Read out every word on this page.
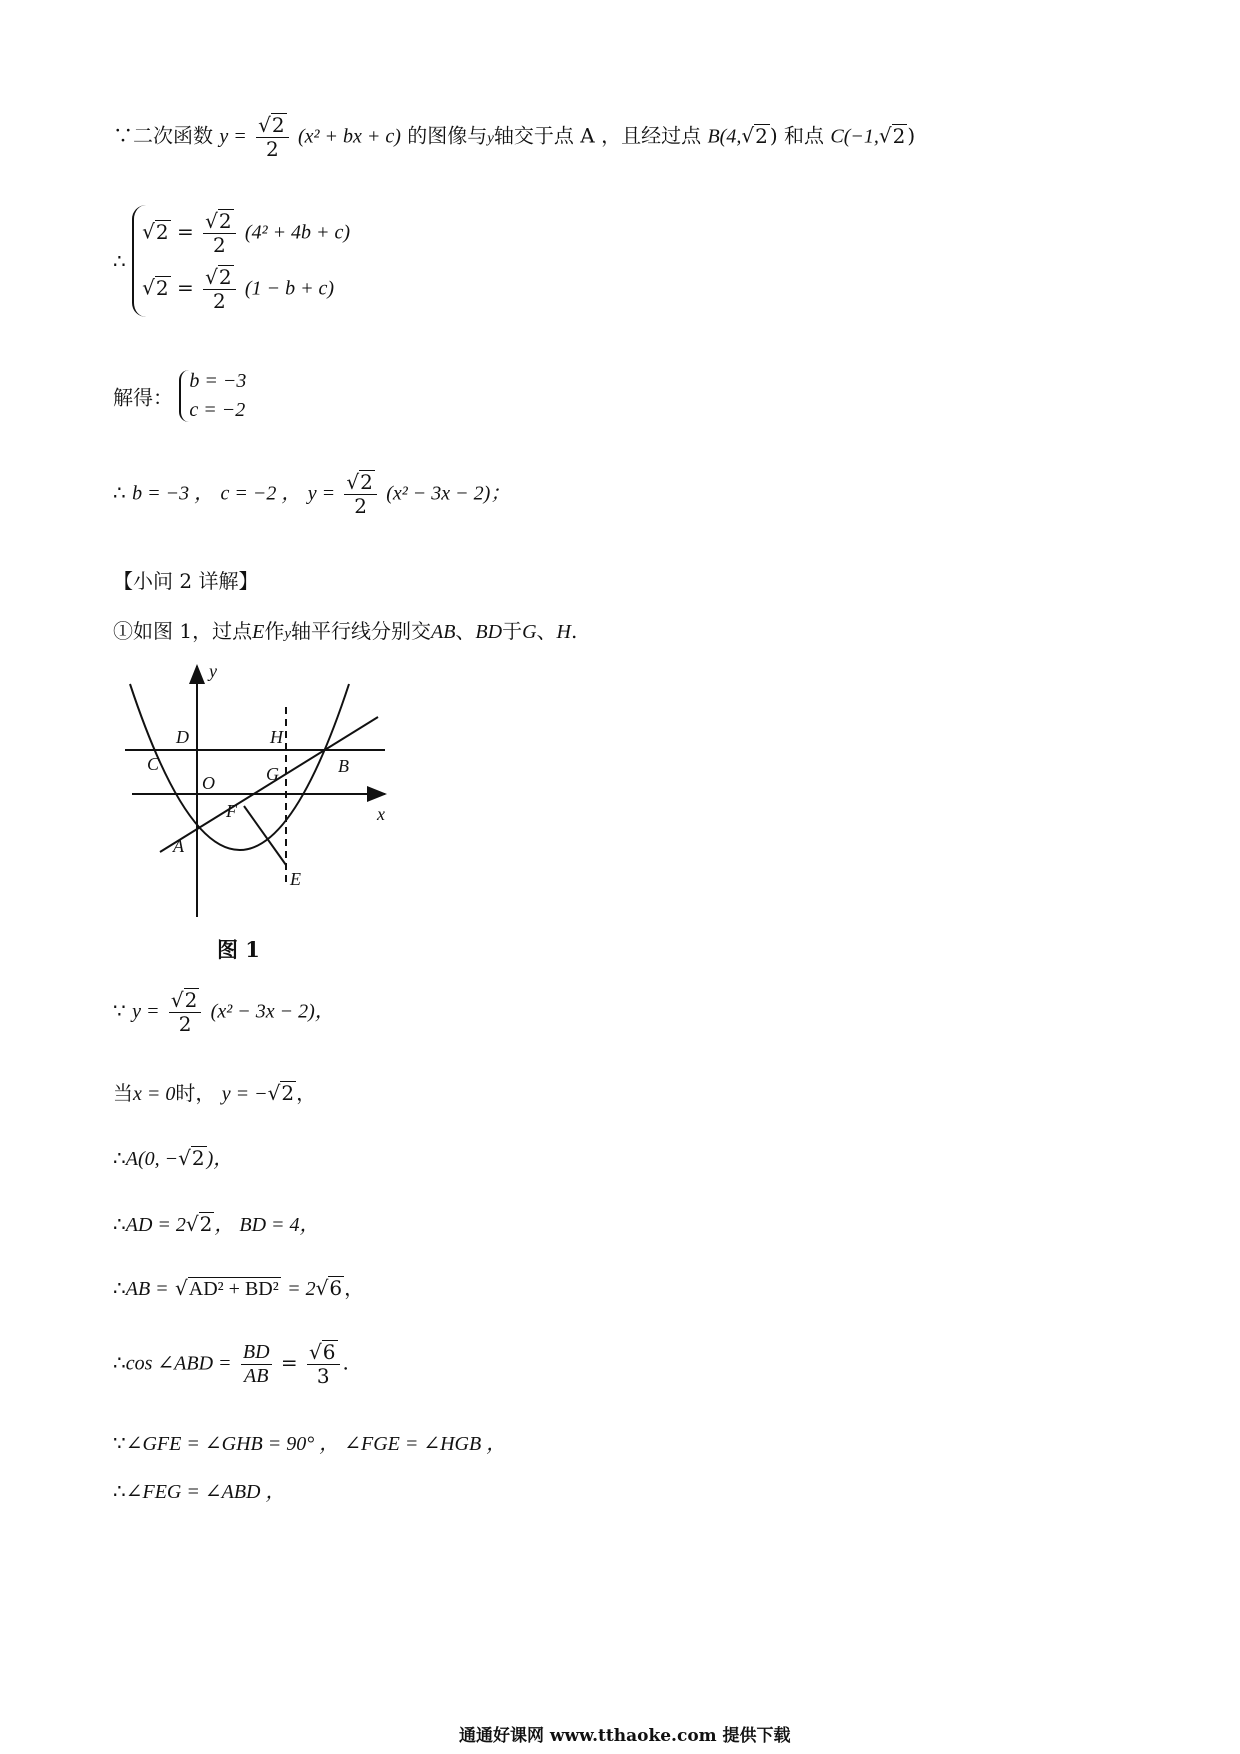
∵二次函数 $y = \frac{√2}{2} (x^2$ + bx + c) 的图像与y轴交于点 A ，且经过点 B(4,√2 ) 和点 C(−1,√2 )
∴
$√2 = \frac{√2}{2} (4^2 + 4b + c)$
$√2 = \frac{√2}{2} (1 - b + c)$
解得：
b = −3
c = −2
∴ b = −3 ， c = −2 ， $y = \frac{√2}{2} (x^2 - 3x - 2)$；
【小问 2 详解】
①如图 1，过点E作y轴平行线分别交AB、BD于G、H.
y
x
D	H
C	B
G
O
F
A
E
图 1
∵ $y = \frac{√2}{2} (x^2 - 3x - 2)$，
当x = 0时， y = −√2 ，
∴A(0, −√2 )，
∴AD = 2√2 ， BD = 4，
∴AB = √AD² + BD² = 2√6 ，
∴cos ∠ABD = $\frac{BD}{AB} = \frac{√6}{3}$ .
∵∠GFE = ∠GHB = 90° ， ∠FGE = ∠HGB ，
∴∠FEG = ∠ABD ，
通通好课网 www.tthaoke.com 提供下载
